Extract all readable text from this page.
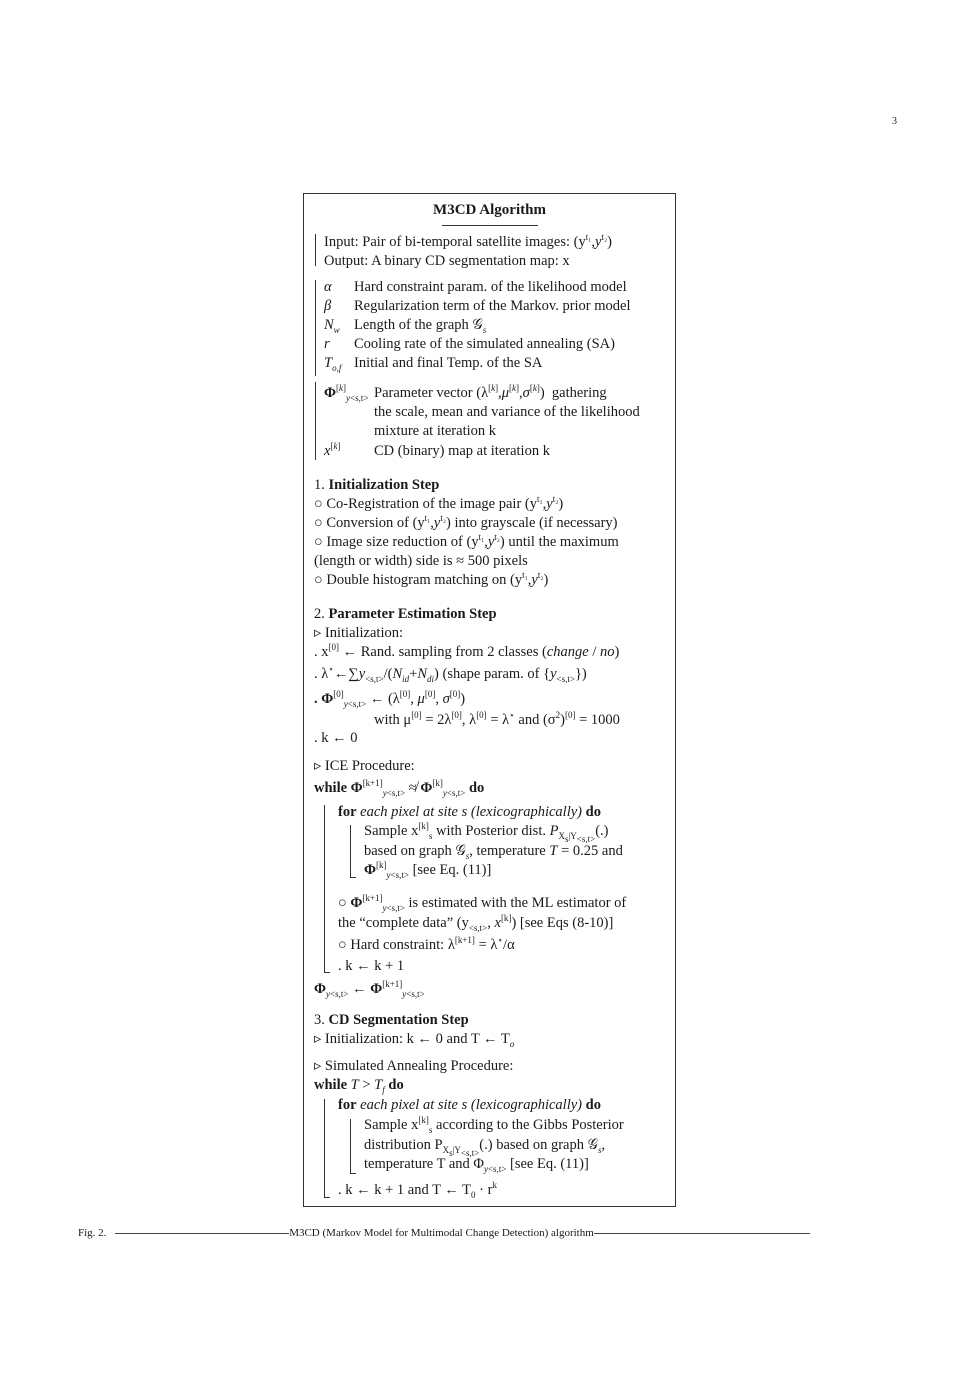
3
M3CD Algorithm
Input: Pair of bi-temporal satellite images: $(y^{t_1},y^{t_2})$
Output: A binary CD segmentation map: x
α Hard constraint param. of the likelihood model
β Regularization term of the Markov. prior model
$N_w$ Length of the graph 𝒢$_s$
r Cooling rate of the simulated annealing (SA)
$T_{o,f}$ Initial and final Temp. of the SA
$\Phi[k]_{y<s,t>}$ Parameter vector (λ[k],μ[k],σ[k])  gathering
the scale, mean and variance of the likelihood
mixture at iteration k
x[k] CD (binary) map at iteration k
1. Initialization Step
○ Co-Registration of the image pair $(y^{t_1},y^{t_2})$
○ Conversion of $(y^{t_1},y^{t_2})$ into grayscale (if necessary)
○ Image size reduction of $(y^{t_1},y^{t_2})$ until the maximum
(length or width) side is ≈ 500 pixels
○ Double histogram matching on $(y^{t_1},y^{t_2})$
2. Parameter Estimation Step
▹ Initialization:
. x[0] ← Rand. sampling from 2 classes (change / no)
. $\lambda^⋆\leftarrow\sum y_{<s,t>}/(N_{id}+N_{di})$ (shape param. of $\{y_{<s,t>}\}$)
. $\Phi[0]_{y<s,t>}$ ← (λ[0], μ[0], σ[0])
with μ[0] = 2λ[0], λ[0] = λ⋆ and $(\sigma^2)[0] = 1000$
. k ← 0
▹ ICE Procedure:
while $\Phi[k+1]_{y<s,t>}$ ≉ $\Phi[k]_{y<s,t>}$ do
for each pixel at site s (lexicographically) do
Sample $x[k]_s$ with Posterior dist. $P_{X_s|Y_{<s,t>}}(.)$
based on graph 𝒢$_s$, temperature T = 0.25 and
$\Phi[k]_{y<s,t>}$ [see Eq. (11)]
○ $\Phi[k+1]_{y<s,t>}$ is estimated with the ML estimator of
the “complete data” ($y_{<s,t>}$, x[k]) [see Eqs (8-10)]
○ Hard constraint: λ[k+1] = λ⋆/α
. k ← k + 1
$\Phi_{y<s,t>}$ ← $\Phi[k+1]_{y<s,t>}$
3. CD Segmentation Step
▹ Initialization: k ← 0 and T ← $T_o$
▹ Simulated Annealing Procedure:
while $T > T_f$ do
for each pixel at site s (lexicographically) do
Sample $x[k]_s$ according to the Gibbs Posterior
distribution $P_{X_s|Y_{<s,t>}}(.)$ based on graph 𝒢$_s$,
temperature T and $\Phi_{y<s,t>}$ [see Eq. (11)]
. k ← k + 1 and T ← $T_0 \cdot r^k$
Fig. 2.	M3CD (Markov Model for Multimodal Change Detection) algorithm
